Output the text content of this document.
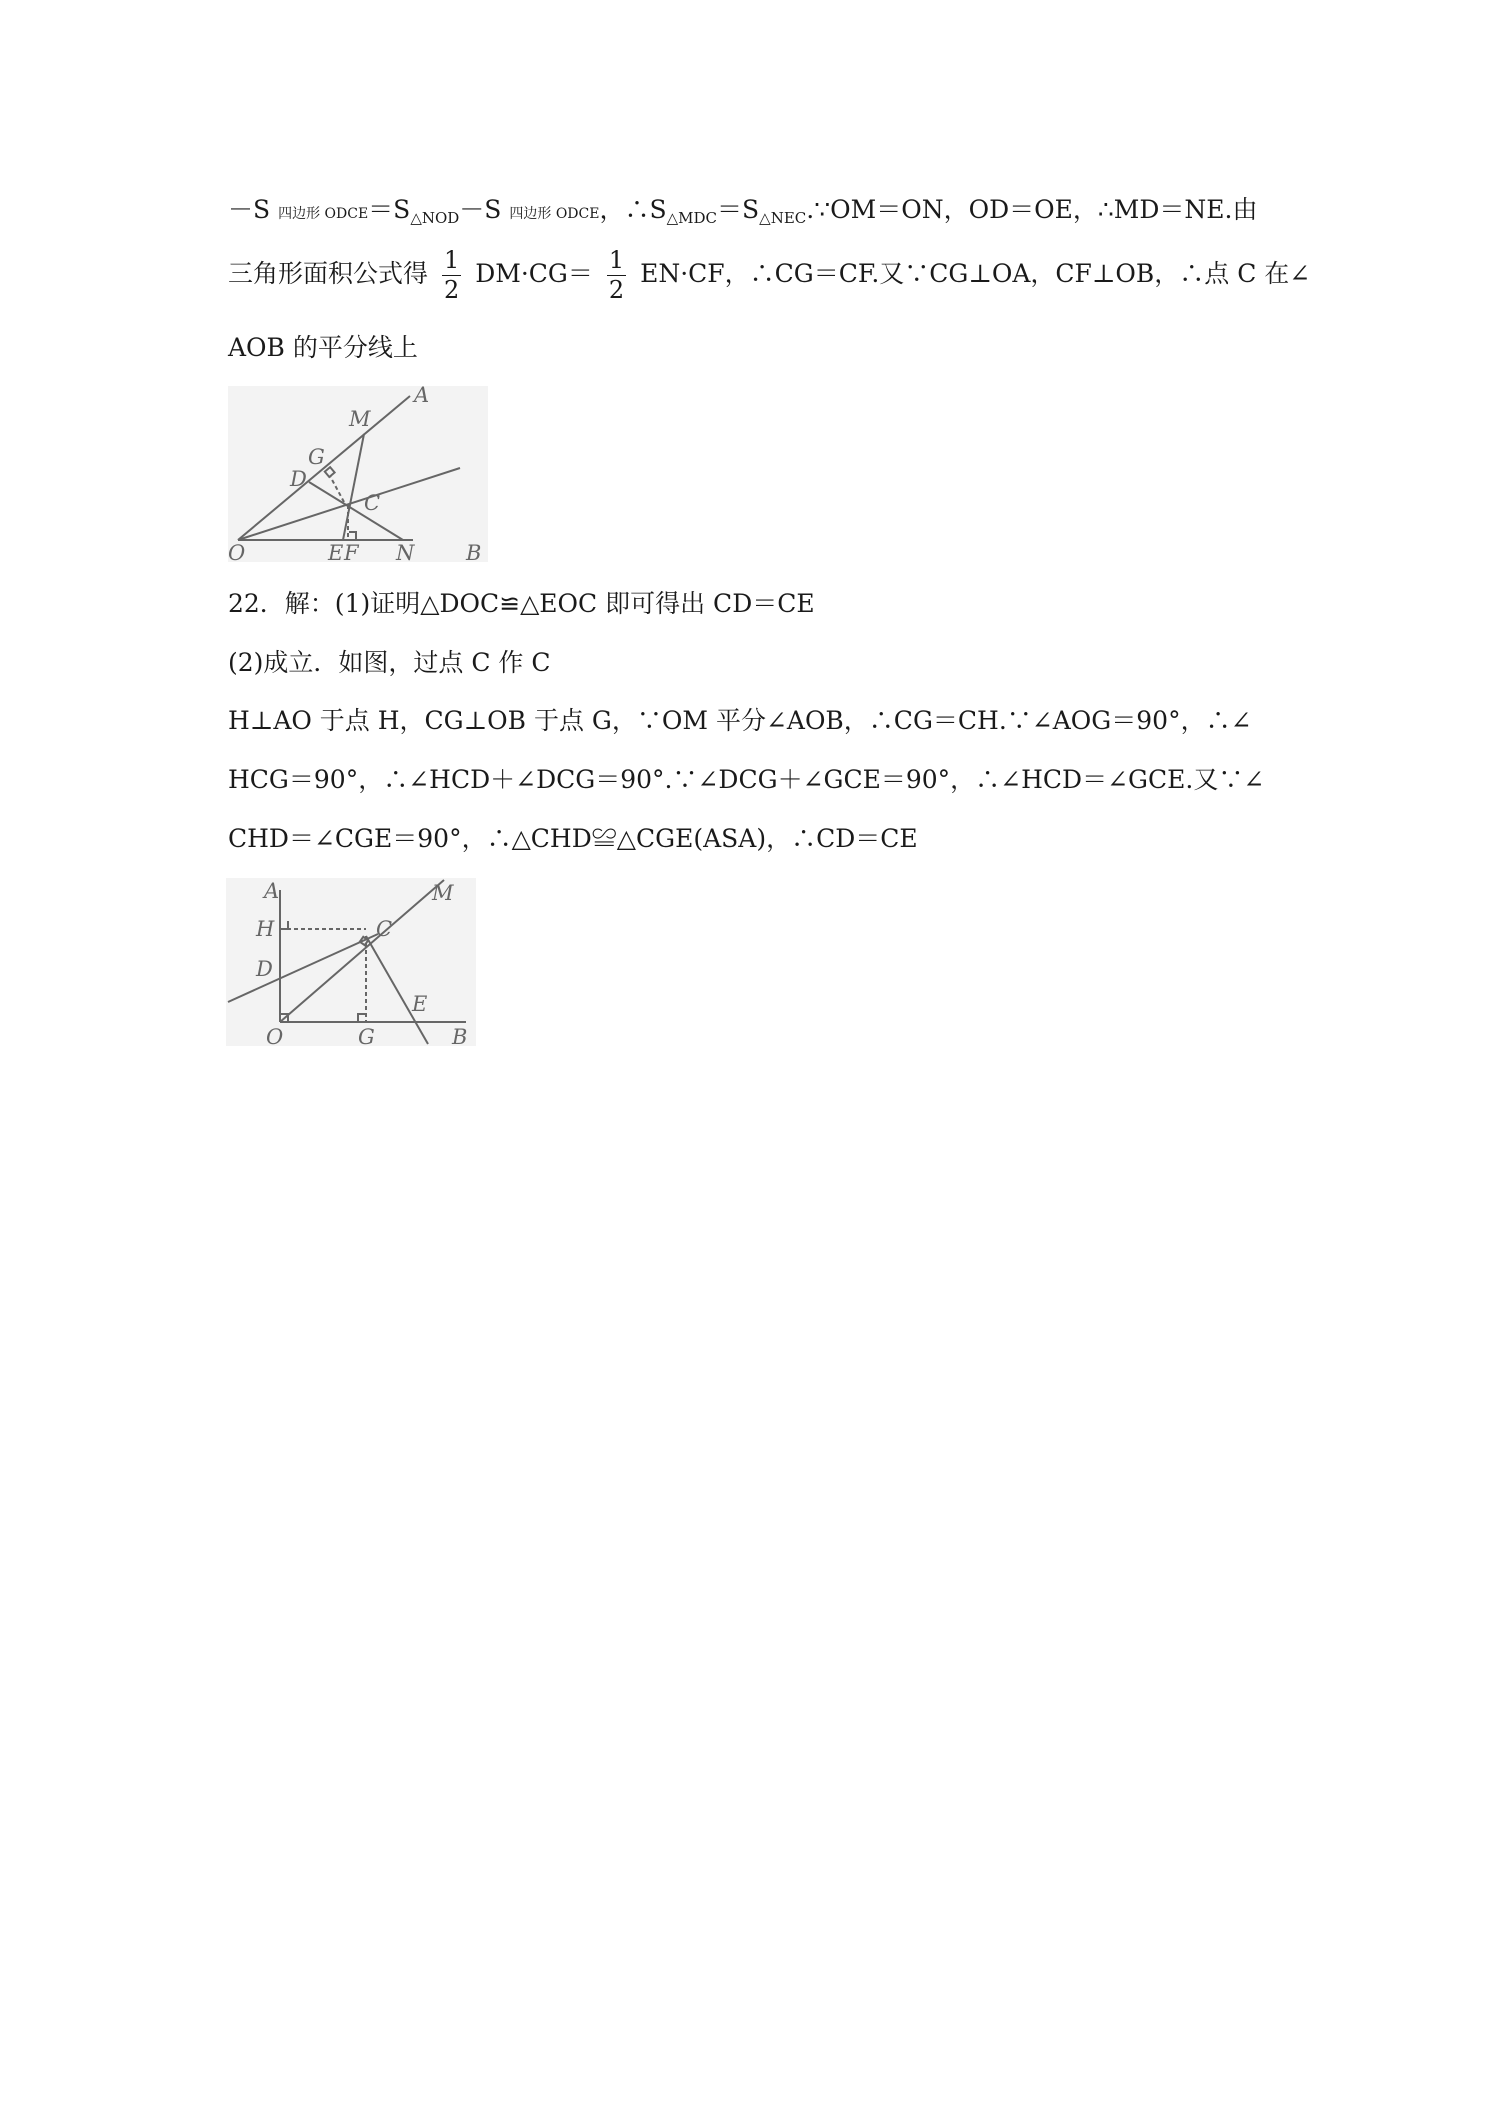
－S 四边形 $ODCE=S_{\triangle NOD}-S$ 四边形 ODCE，$\therefore S_{\triangle MDC}=S_{\triangle NEC}.\because OM=ON$，OD＝OE，∴MD＝NE.由
三角形面积公式得 $\frac{1}{2} DM\cdot CG= \frac{1}{2} EN\cdot CF$，∴CG＝CF.又∵CG⊥OA，CF⊥OB，∴点 C 在∠
AOB 的平分线上
A
M
G
D
C
O	E F N B
22．解：(1)证明△DOC≌△EOC 即可得出 CD＝CE
(2)成立．如图，过点 C 作 C
H⊥AO 于点 H，CG⊥OB 于点 G，∵OM 平分∠AOB，∴CG＝CH.∵∠AOG＝90°，∴∠
HCG＝90°，∴∠HCD＋∠DCG＝90°.∵∠DCG＋∠GCE＝90°，∴∠HCD＝∠GCE.又∵∠
CHD＝∠CGE＝90°，∴△CHD≌△CGE(ASA)，∴CD＝CE
A	M
H	C
D
E
O	G	B
